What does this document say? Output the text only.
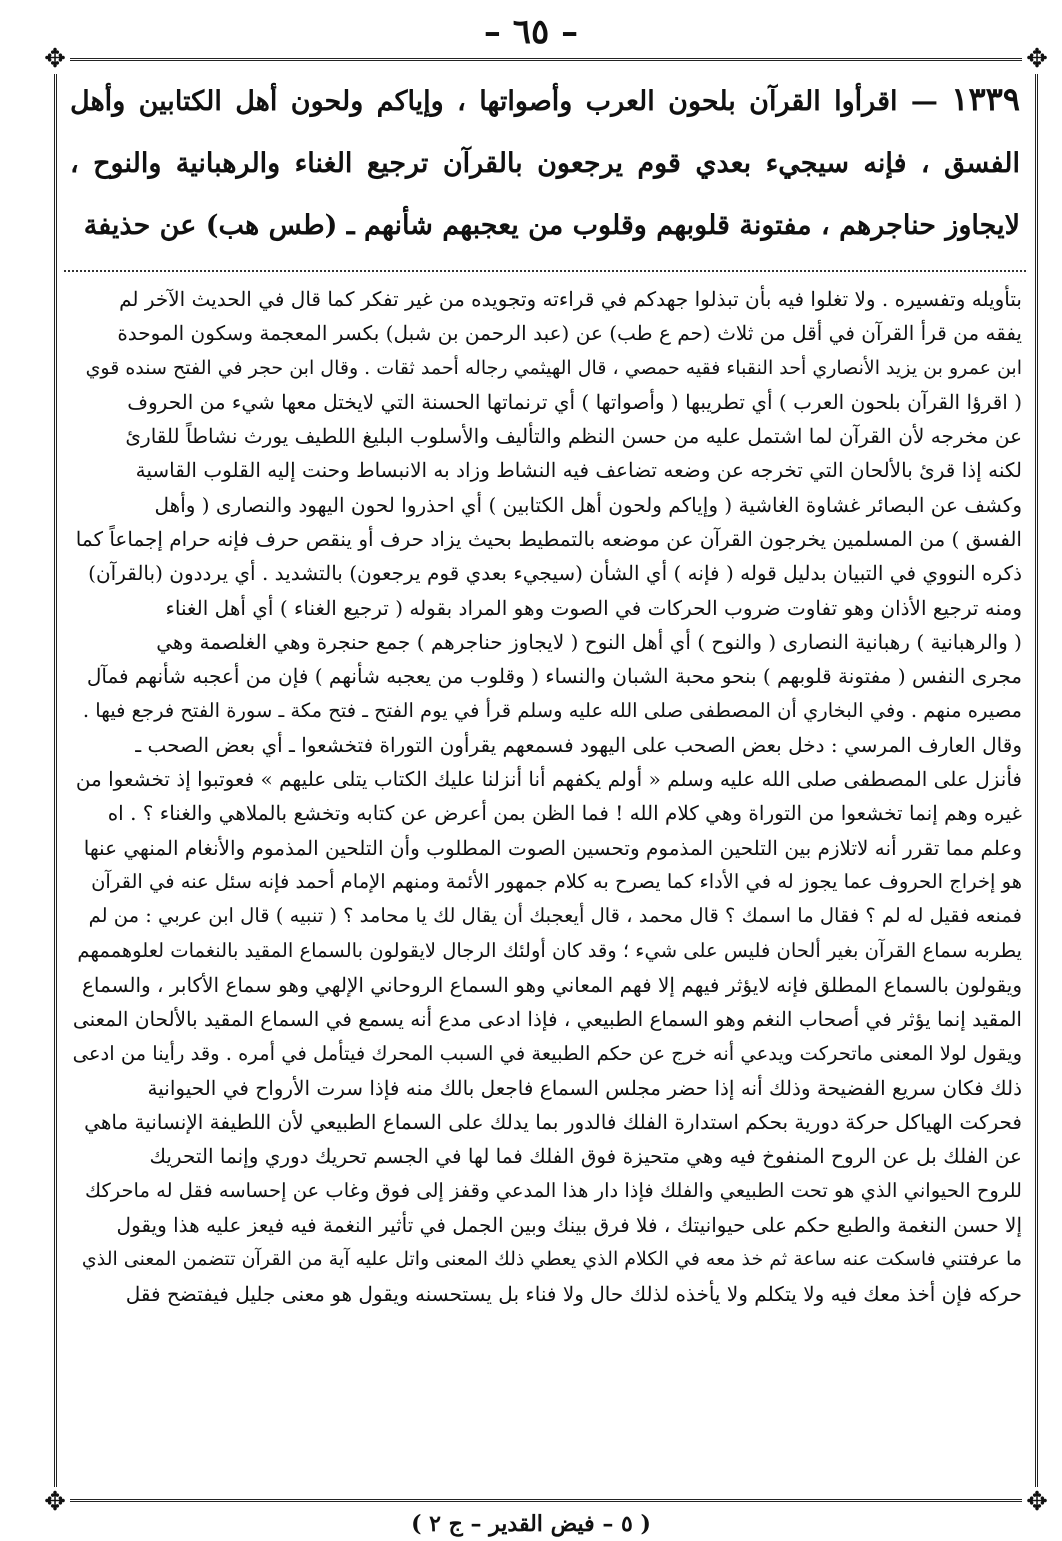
– ٦٥ –
✥	✥
✥	✥
١٣٣٩ — اقرأوا القرآن بلحون العرب وأصواتها ، وإياكم ولحون أهل الكتابين وأهل الفسق ، فإنه سيجيء بعدي قوم يرجعون بالقرآن ترجيع الغناء والرهبانية والنوح ، لايجاوز حناجرهم ، مفتونة قلوبهم وقلوب من يعجبهم شأنهم ـ (طس هب) عن حذيفة
بتأويله وتفسيره . ولا تغلوا فيه بأن تبذلوا جهدكم في قراءته وتجويده من غير تفكر كما قال في الحديث الآخر لم
يفقه من قرأ القرآن في أقل من ثلاث (حم ع طب) عن (عبد الرحمن بن شبل) بكسر المعجمة وسكون الموحدة
ابن عمرو بن يزيد الأنصاري أحد النقباء فقيه حمصي ، قال الهيثمي رجاله أحمد ثقات . وقال ابن حجر في الفتح سنده قوي
( اقرؤا القرآن بلحون العرب ) أي تطريبها ( وأصواتها ) أي ترنماتها الحسنة التي لايختل معها شيء من الحروف
عن مخرجه لأن القرآن لما اشتمل عليه من حسن النظم والتأليف والأسلوب البليغ اللطيف يورث نشاطاً للقارئ
لكنه إذا قرئ بالألحان التي تخرجه عن وضعه تضاعف فيه النشاط وزاد به الانبساط وحنت إليه القلوب القاسية
وكشف عن البصائر غشاوة الغاشية ( وإياكم ولحون أهل الكتابين ) أي احذروا لحون اليهود والنصارى ( وأهل
الفسق ) من المسلمين يخرجون القرآن عن موضعه بالتمطيط بحيث يزاد حرف أو ينقص حرف فإنه حرام إجماعاً كما
ذكره النووي في التبيان بدليل قوله ( فإنه ) أي الشأن (سيجيء بعدي قوم يرجعون) بالتشديد . أي يرددون (بالقرآن)
ومنه ترجيع الأذان وهو تفاوت ضروب الحركات في الصوت وهو المراد بقوله ( ترجيع الغناء ) أي أهل الغناء
( والرهبانية ) رهبانية النصارى ( والنوح ) أي أهل النوح ( لايجاوز حناجرهم ) جمع حنجرة وهي الغلصمة وهي
مجرى النفس ( مفتونة قلوبهم ) بنحو محبة الشبان والنساء ( وقلوب من يعجبه شأنهم ) فإن من أعجبه شأنهم فمآل
مصيره منهم . وفي البخاري أن المصطفى صلى الله عليه وسلم قرأ في يوم الفتح ـ فتح مكة ـ سورة الفتح فرجع فيها .
وقال العارف المرسي : دخل بعض الصحب على اليهود فسمعهم يقرأون التوراة فتخشعوا ـ أي بعض الصحب ـ
فأنزل على المصطفى صلى الله عليه وسلم « أولم يكفهم أنا أنزلنا عليك الكتاب يتلى عليهم » فعوتبوا إذ تخشعوا من
غيره وهم إنما تخشعوا من التوراة وهي كلام الله ! فما الظن بمن أعرض عن كتابه وتخشع بالملاهي والغناء ؟ . اه
وعلم مما تقرر أنه لاتلازم بين التلحين المذموم وتحسين الصوت المطلوب وأن التلحين المذموم والأنغام المنهي عنها
هو إخراج الحروف عما يجوز له في الأداء كما يصرح به كلام جمهور الأئمة ومنهم الإمام أحمد فإنه سئل عنه في القرآن
فمنعه فقيل له لم ؟ فقال ما اسمك ؟ قال محمد ، قال أيعجبك أن يقال لك يا محامد ؟ ( تنبيه ) قال ابن عربي : من لم
يطربه سماع القرآن بغير ألحان فليس على شيء ؛ وقد كان أولئك الرجال لايقولون بالسماع المقيد بالنغمات لعلوهممهم
ويقولون بالسماع المطلق فإنه لايؤثر فيهم إلا فهم المعاني وهو السماع الروحاني الإلهي وهو سماع الأكابر ، والسماع
المقيد إنما يؤثر في أصحاب النغم وهو السماع الطبيعي ، فإذا ادعى مدع أنه يسمع في السماع المقيد بالألحان المعنى
ويقول لولا المعنى ماتحركت ويدعي أنه خرج عن حكم الطبيعة في السبب المحرك فيتأمل في أمره . وقد رأينا من ادعى
ذلك فكان سريع الفضيحة وذلك أنه إذا حضر مجلس السماع فاجعل بالك منه فإذا سرت الأرواح في الحيوانية
فحركت الهياكل حركة دورية بحكم استدارة الفلك فالدور بما يدلك على السماع الطبيعي لأن اللطيفة الإنسانية ماهي
عن الفلك بل عن الروح المنفوخ فيه وهي متحيزة فوق الفلك فما لها في الجسم تحريك دوري وإنما التحريك
للروح الحيواني الذي هو تحت الطبيعي والفلك فإذا دار هذا المدعي وقفز إلى فوق وغاب عن إحساسه فقل له ماحركك
إلا حسن النغمة والطبع حكم على حيوانيتك ، فلا فرق بينك وبين الجمل في تأثير النغمة فيه فيعز عليه هذا ويقول
ما عرفتني فاسكت عنه ساعة ثم خذ معه في الكلام الذي يعطي ذلك المعنى واتل عليه آية من القرآن تتضمن المعنى الذي
حركه فإن أخذ معك فيه ولا يتكلم ولا يأخذه لذلك حال ولا فناء بل يستحسنه ويقول هو معنى جليل فيفتضح فقل
( ٥ – فيض القدير – ج ٢ )
